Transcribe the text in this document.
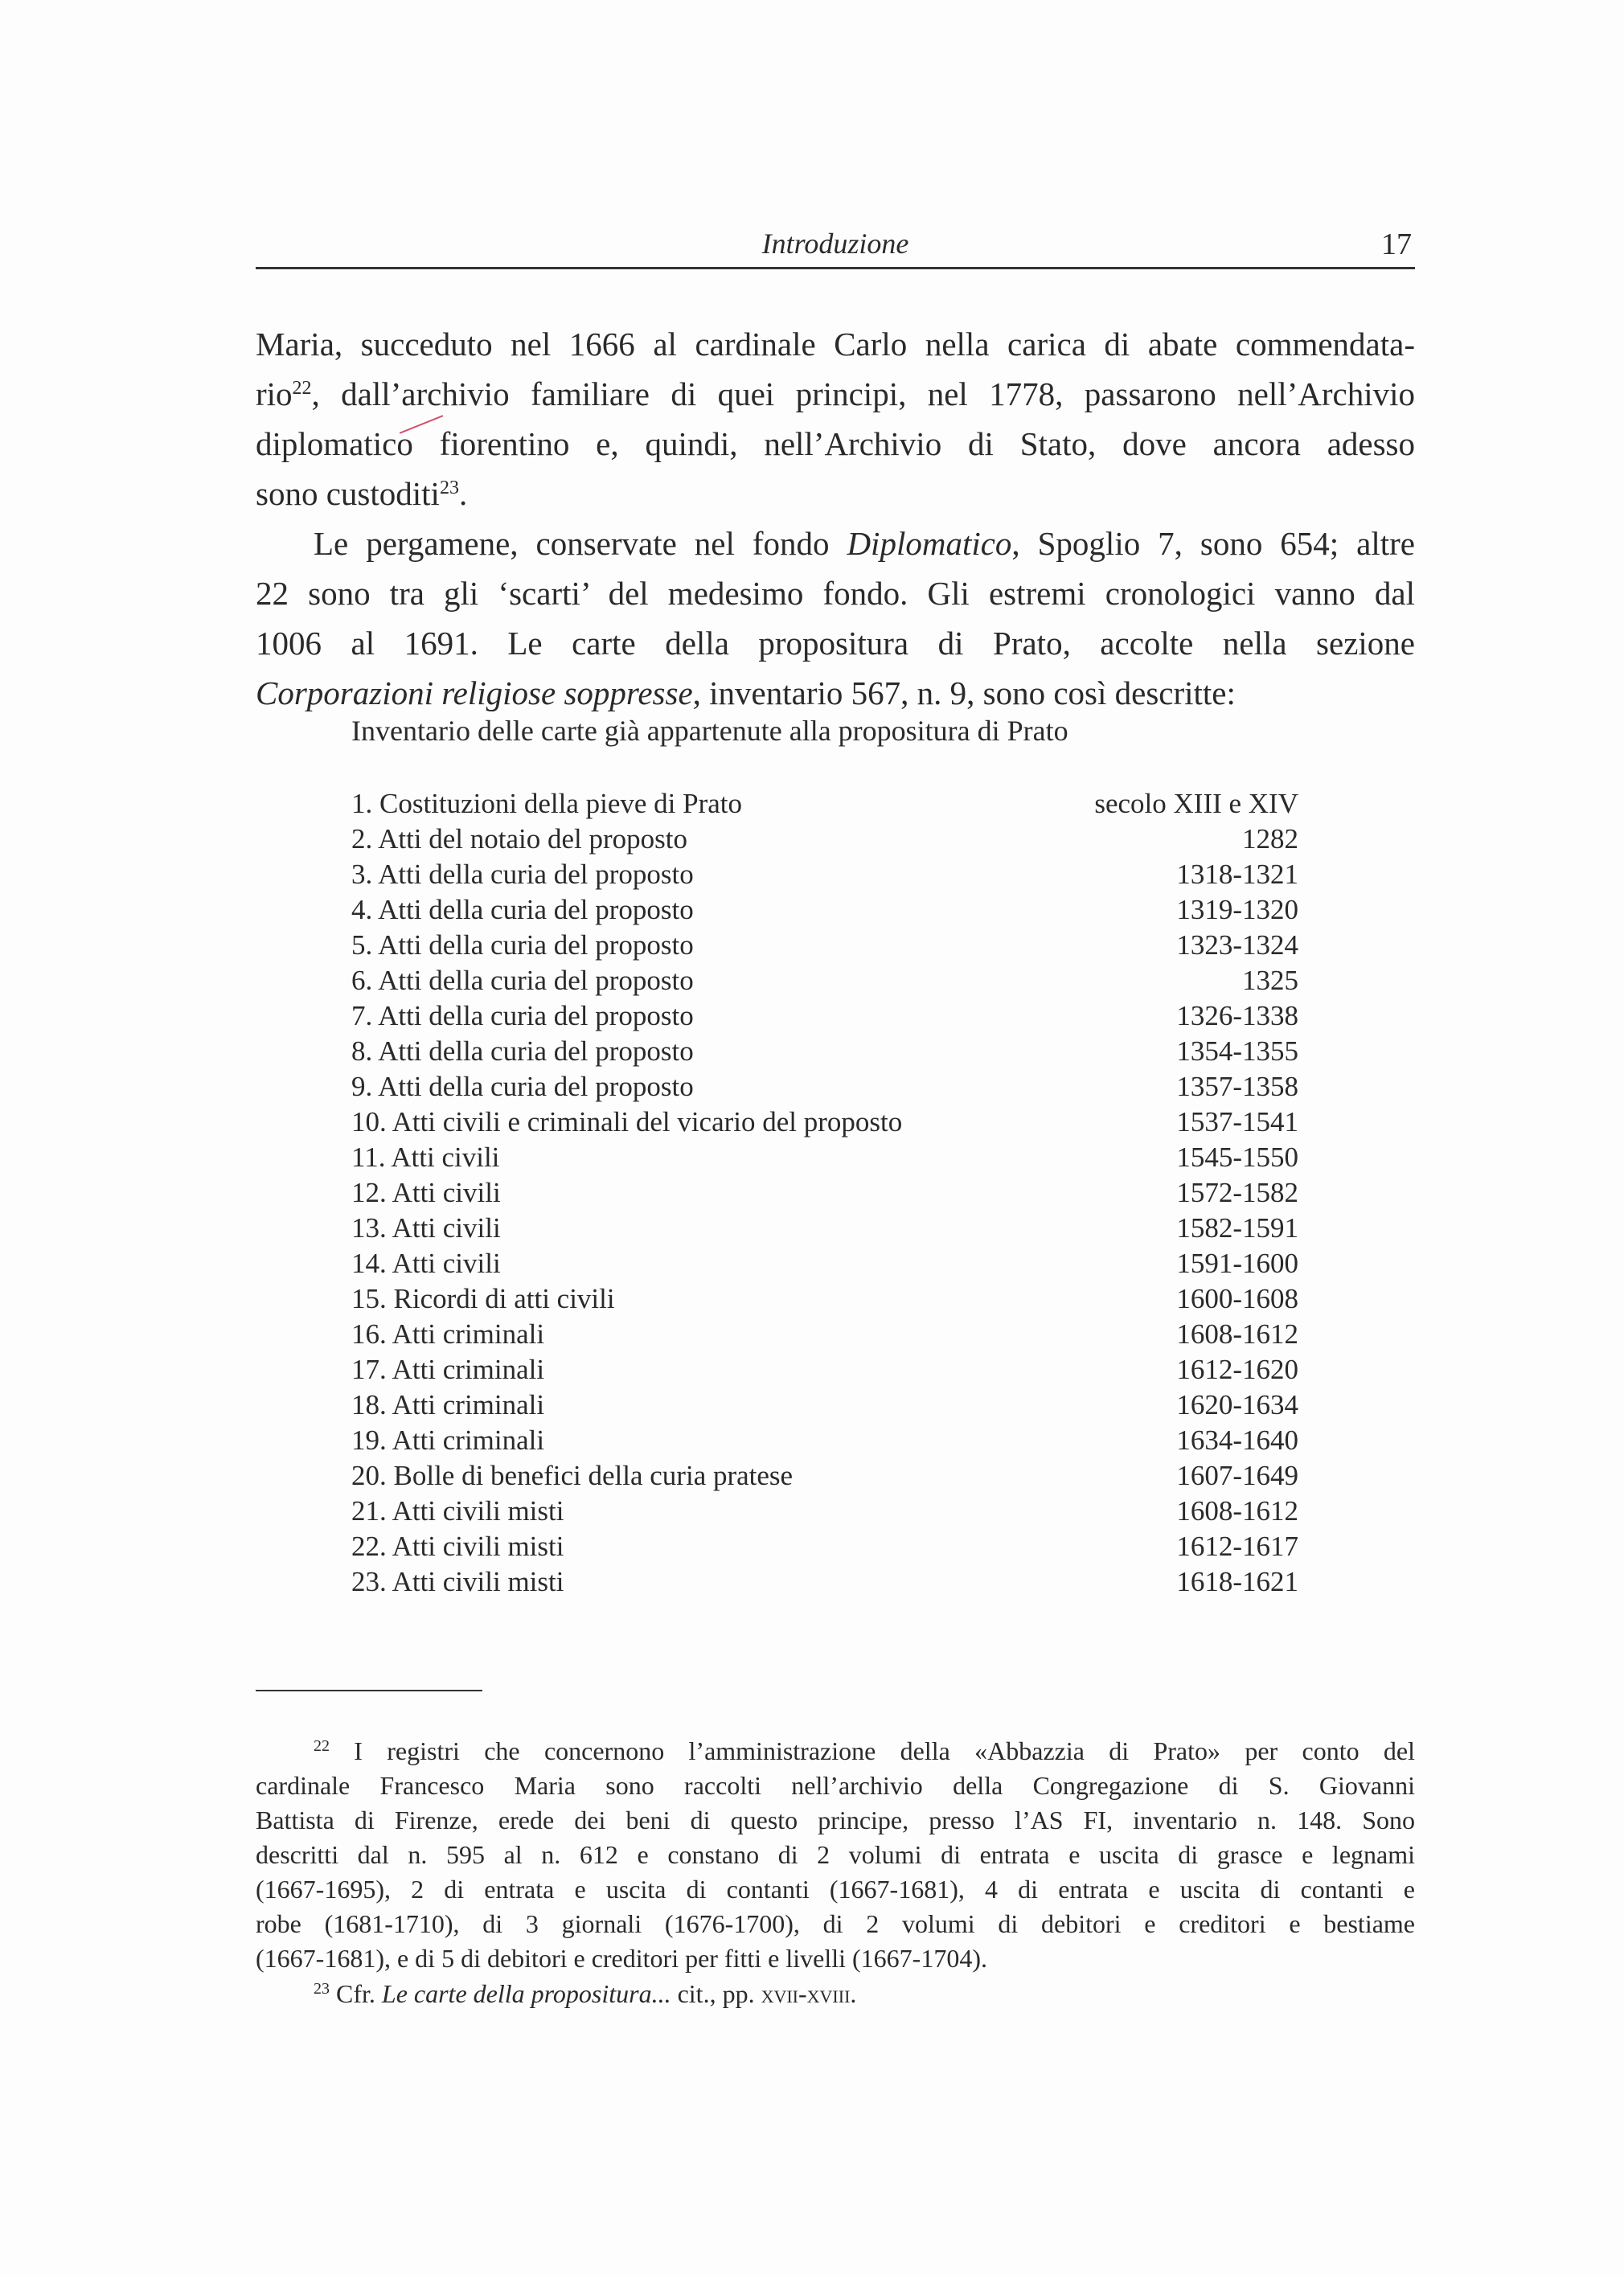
Introduzione	17
Maria, succeduto nel 1666 al cardinale Carlo nella carica di abate commendata-
rio$^{22}$, dall’archivio familiare di quei principi, nel 1778, passarono nell’Archivio
diplomatico fiorentino e, quindi, nell’Archivio di Stato, dove ancora adesso
sono custoditi$^{23}$.
Le pergamene, conservate nel fondo Diplomatico, Spoglio 7, sono 654; altre
22 sono tra gli ‘scarti’ del medesimo fondo. Gli estremi cronologici vanno dal
1006 al 1691. Le carte della propositura di Prato, accolte nella sezione
Corporazioni religiose soppresse, inventario 567, n. 9, sono così descritte:
Inventario delle carte già appartenute alla propositura di Prato
1. Costituzioni della pieve di Prato	secolo XIII e XIV
2. Atti del notaio del proposto	1282
3. Atti della curia del proposto	1318-1321
4. Atti della curia del proposto	1319-1320
5. Atti della curia del proposto	1323-1324
6. Atti della curia del proposto	1325
7. Atti della curia del proposto	1326-1338
8. Atti della curia del proposto	1354-1355
9. Atti della curia del proposto	1357-1358
10. Atti civili e criminali del vicario del proposto	1537-1541
11. Atti civili	1545-1550
12. Atti civili	1572-1582
13. Atti civili	1582-1591
14. Atti civili	1591-1600
15. Ricordi di atti civili	1600-1608
16. Atti criminali	1608-1612
17. Atti criminali	1612-1620
18. Atti criminali	1620-1634
19. Atti criminali	1634-1640
20. Bolle di benefici della curia pratese	1607-1649
21. Atti civili misti	1608-1612
22. Atti civili misti	1612-1617
23. Atti civili misti	1618-1621
$^{22}$ I registri che concernono l’amministrazione della «Abbazzia di Prato» per conto del
cardinale Francesco Maria sono raccolti nell’archivio della Congregazione di S. Giovanni
Battista di Firenze, erede dei beni di questo principe, presso l’AS FI, inventario n. 148. Sono
descritti dal n. 595 al n. 612 e constano di 2 volumi di entrata e uscita di grasce e legnami
(1667-1695), 2 di entrata e uscita di contanti (1667-1681), 4 di entrata e uscita di contanti e
robe (1681-1710), di 3 giornali (1676-1700), di 2 volumi di debitori e creditori e bestiame
(1667-1681), e di 5 di debitori e creditori per fitti e livelli (1667-1704).
$^{23}$ Cfr. Le carte della propositura... cit., pp. xvii-xviii.
